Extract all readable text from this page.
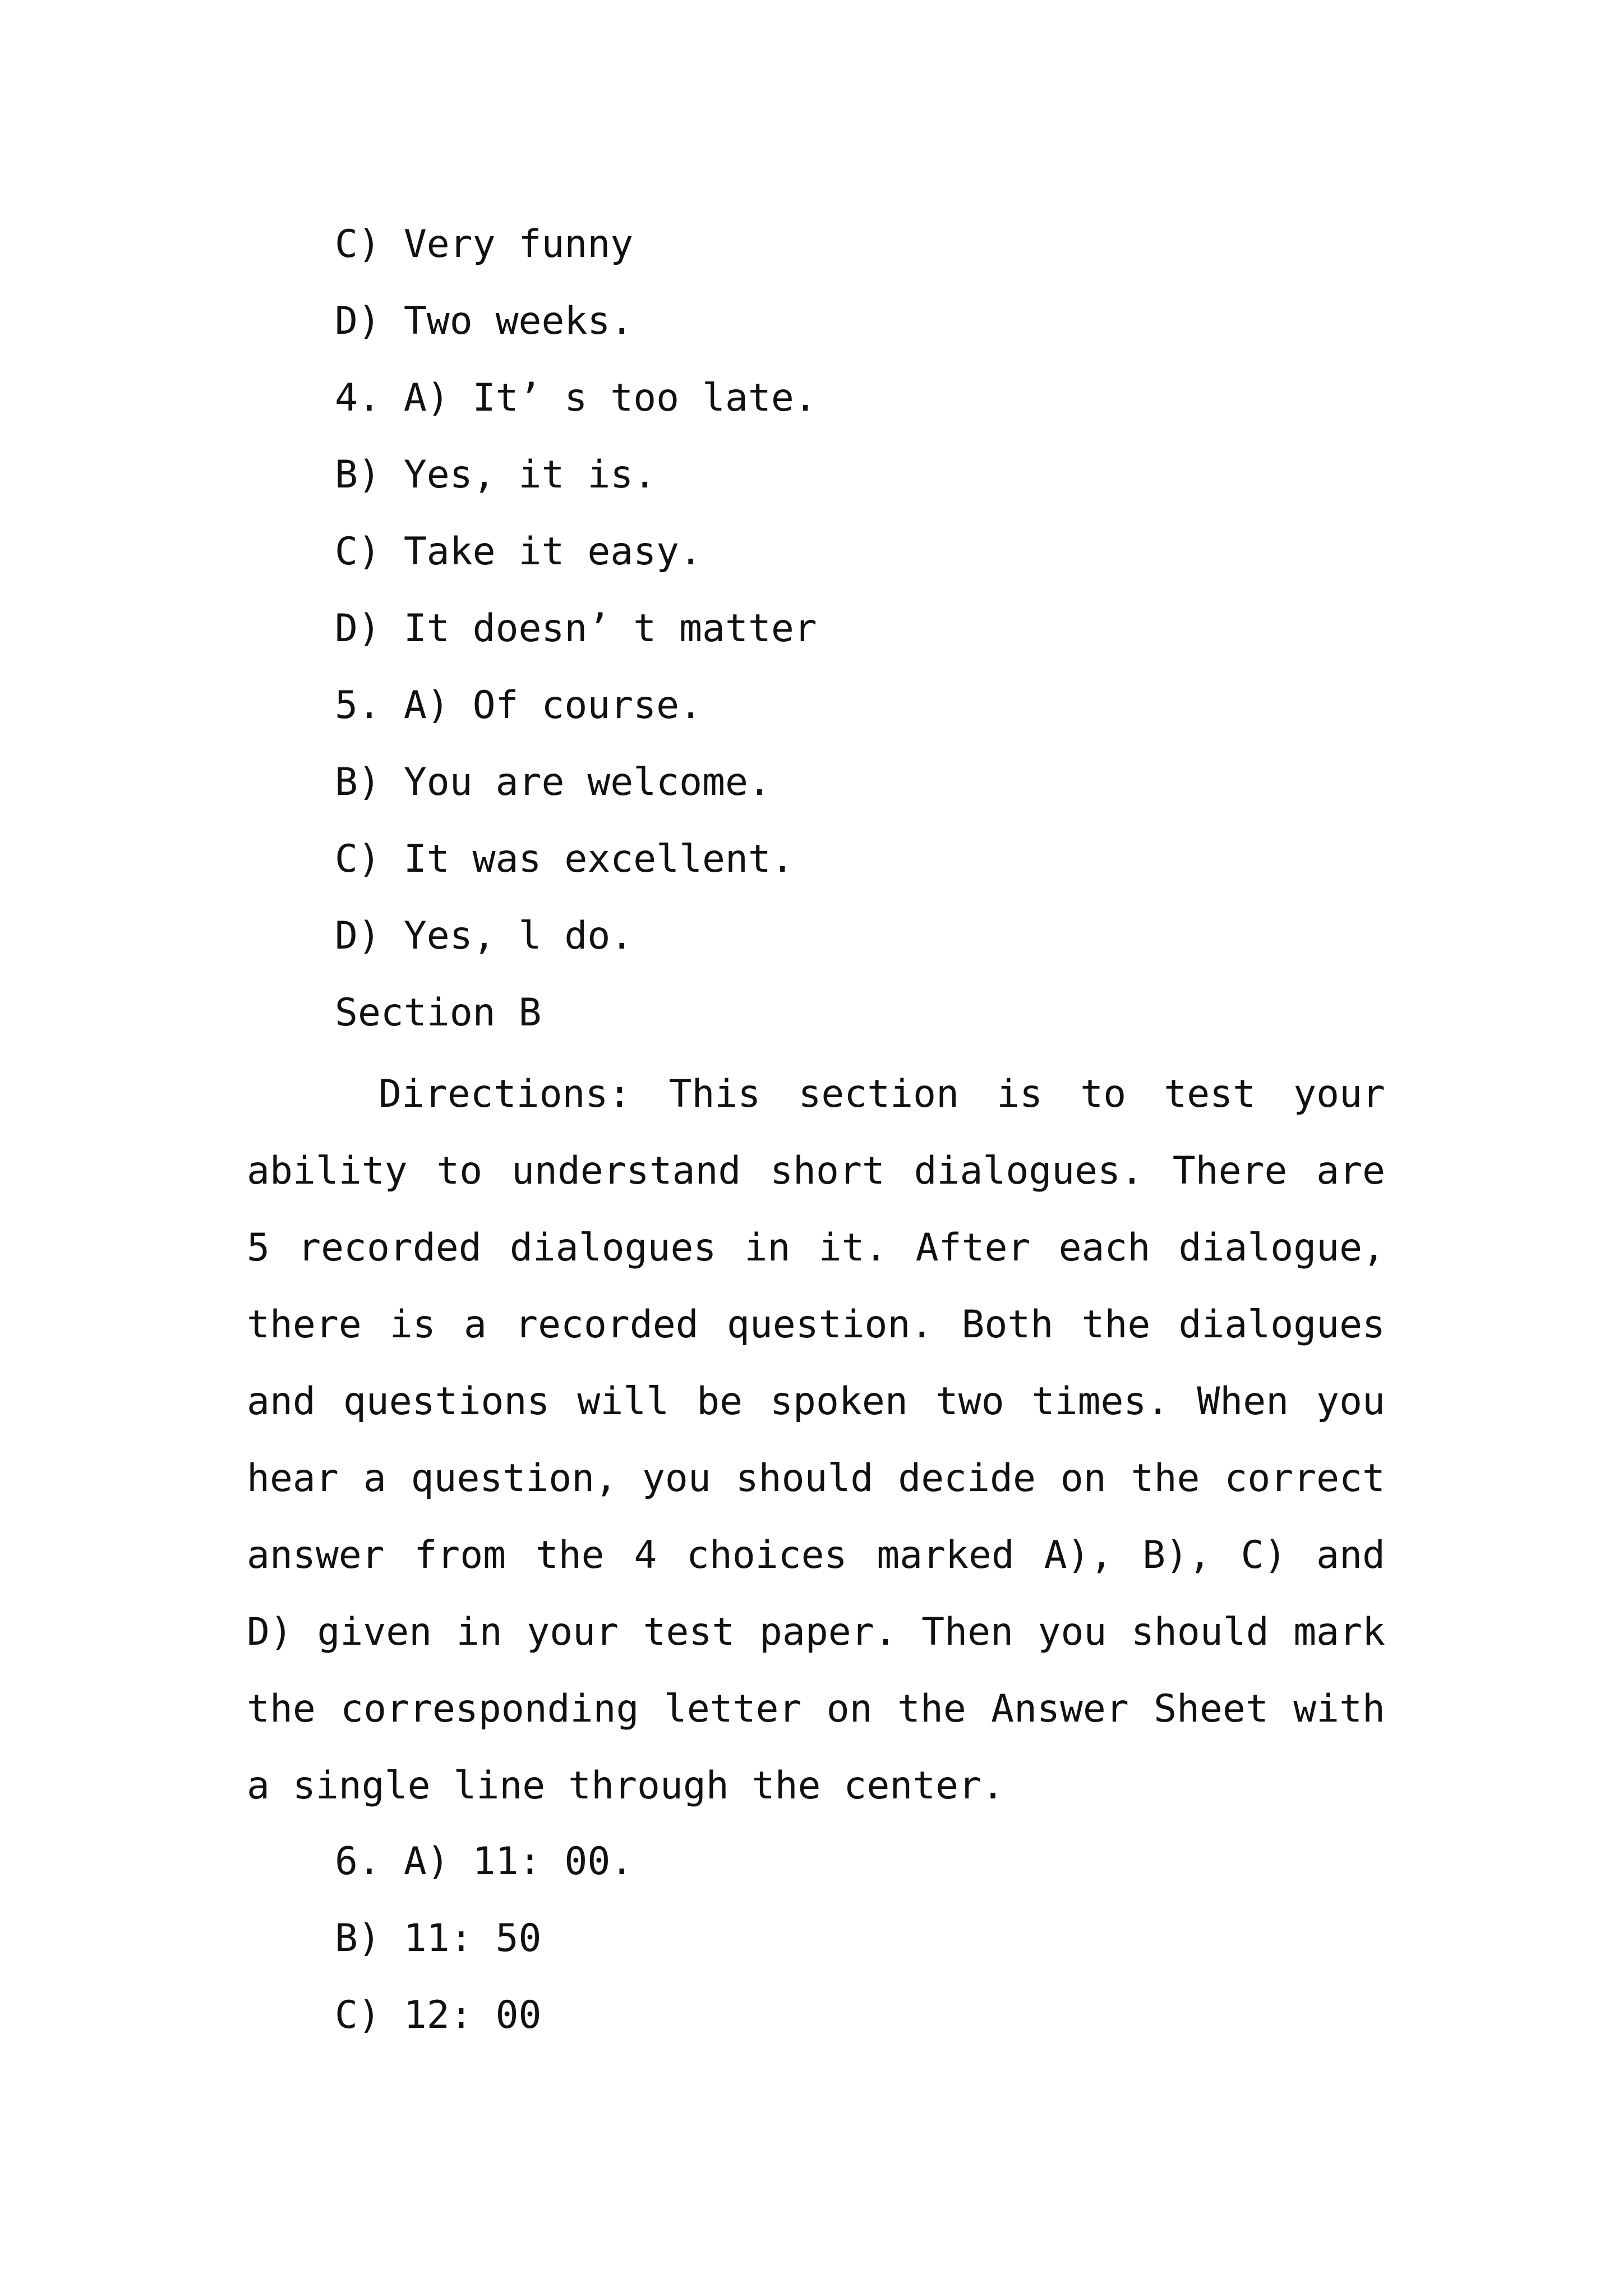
C) Very funny
D) Two weeks.
4. A) It’ s too late.
B) Yes, it is.
C) Take it easy.
D) It doesn’ t matter
5. A) Of course.
B) You are welcome.
C) It was excellent.
D) Yes, l do.
Section B
Directions: This section is to test your ability to understand short dialogues. There are 5 recorded dialogues in it. After each dialogue, there is a recorded question. Both the dialogues and questions will be spoken two times. When you hear a question, you should decide on the correct answer from the 4 choices marked A), B), C) and D) given in your test paper. Then you should mark the corresponding letter on the Answer Sheet with a single line through the center.
6. A) 11: 00.
B) 11: 50
C) 12: 00
